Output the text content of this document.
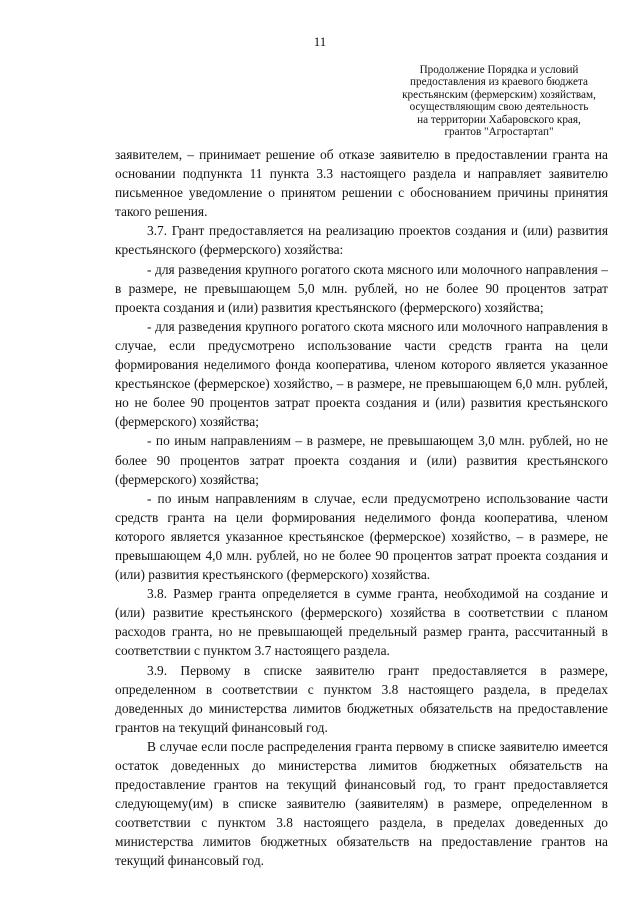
11
Продолжение Порядка и условий
предоставления из краевого бюджета
крестьянским (фермерским) хозяйствам,
осуществляющим свою деятельность
на территории Хабаровского края,
грантов "Агростартап"

заявителем, – принимает решение об отказе заявителю в предоставлении гранта на основании подпункта 11 пункта 3.3 настоящего раздела и направляет заявителю письменное уведомление о принятом решении с обоснованием причины принятия такого решения.

3.7. Грант предоставляется на реализацию проектов создания и (или) развития крестьянского (фермерского) хозяйства:

- для разведения крупного рогатого скота мясного или молочного направления – в размере, не превышающем 5,0 млн. рублей, но не более 90 процентов затрат проекта создания и (или) развития крестьянского (фермерского) хозяйства;

- для разведения крупного рогатого скота мясного или молочного направления в случае, если предусмотрено использование части средств гранта на цели формирования неделимого фонда кооператива, членом которого является указанное крестьянское (фермерское) хозяйство, – в размере, не превышающем 6,0 млн. рублей, но не более 90 процентов затрат проекта создания и (или) развития крестьянского (фермерского) хозяйства;

- по иным направлениям – в размере, не превышающем 3,0 млн. рублей, но не более 90 процентов затрат проекта создания и (или) развития крестьянского (фермерского) хозяйства;

- по иным направлениям в случае, если предусмотрено использование части средств гранта на цели формирования неделимого фонда кооператива, членом которого является указанное крестьянское (фермерское) хозяйство, – в размере, не превышающем 4,0 млн. рублей, но не более 90 процентов затрат проекта создания и (или) развития крестьянского (фермерского) хозяйства.

3.8. Размер гранта определяется в сумме гранта, необходимой на создание и (или) развитие крестьянского (фермерского) хозяйства в соответствии с планом расходов гранта, но не превышающей предельный размер гранта, рассчитанный в соответствии с пунктом 3.7 настоящего раздела.

3.9. Первому в списке заявителю грант предоставляется в размере, определенном в соответствии с пунктом 3.8 настоящего раздела, в пределах доведенных до министерства лимитов бюджетных обязательств на предоставление грантов на текущий финансовый год.

В случае если после распределения гранта первому в списке заявителю имеется остаток доведенных до министерства лимитов бюджетных обязательств на предоставление грантов на текущий финансовый год, то грант предоставляется следующему(им) в списке заявителю (заявителям) в размере, определенном в соответствии с пунктом 3.8 настоящего раздела, в пределах доведенных до министерства лимитов бюджетных обязательств на предоставление грантов на текущий финансовый год.
